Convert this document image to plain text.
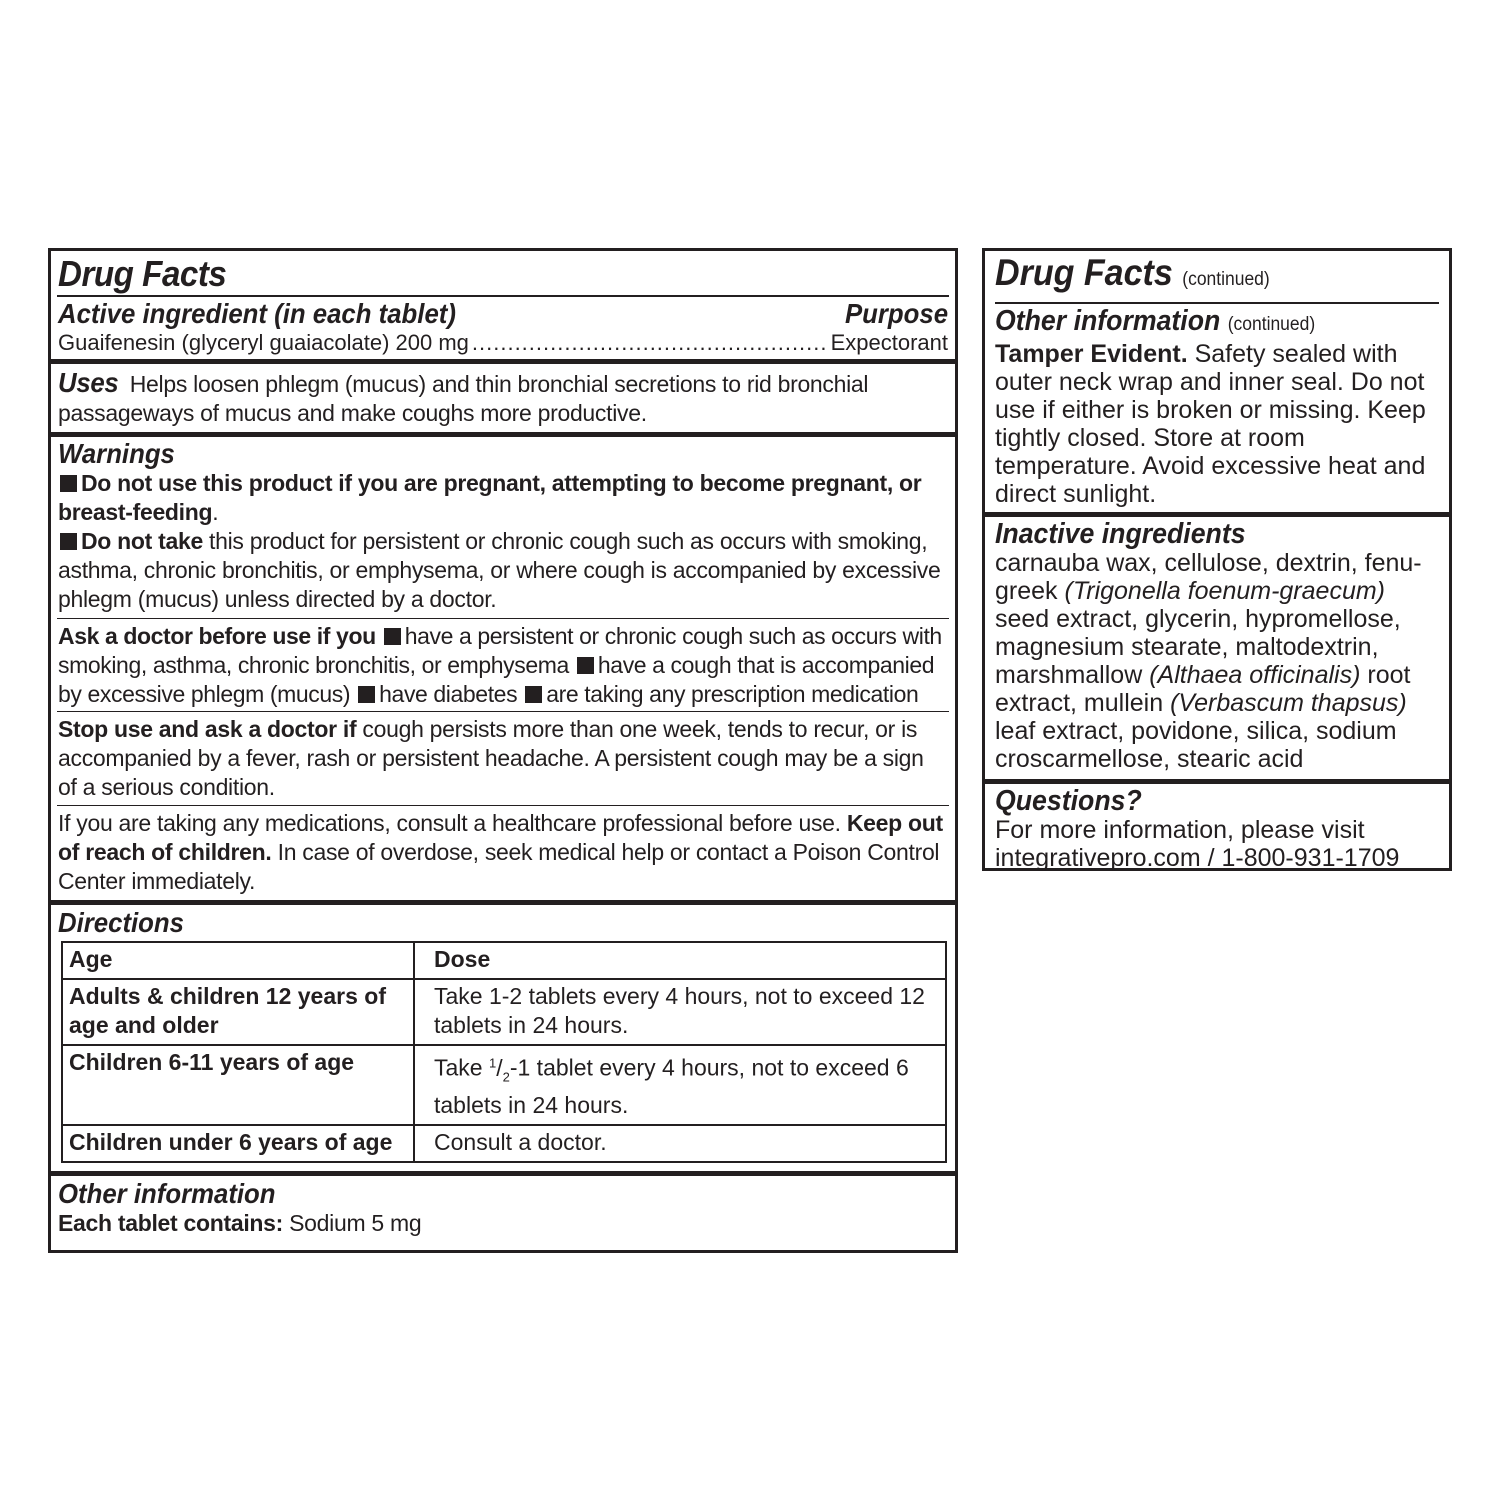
Drug Facts
Active ingredient (in each tablet)	Purpose
Guaifenesin (glyceryl guaiacolate) 200 mg .....	Expectorant
Uses Helps loosen phlegm (mucus) and thin bronchial secretions to rid bronchial passageways of mucus and make coughs more productive.
Warnings
Do not use this product if you are pregnant, attempting to become pregnant, or breast-feeding.
Do not take this product for persistent or chronic cough such as occurs with smoking, asthma, chronic bronchitis, or emphysema, or where cough is accompanied by excessive phlegm (mucus) unless directed by a doctor.
Ask a doctor before use if you have a persistent or chronic cough such as occurs with smoking, asthma, chronic bronchitis, or emphysema have a cough that is accompanied by excessive phlegm (mucus) have diabetes are taking any prescription medication
Stop use and ask a doctor if cough persists more than one week, tends to recur, or is accompanied by a fever, rash or persistent headache. A persistent cough may be a sign of a serious condition.
If you are taking any medications, consult a healthcare professional before use. Keep out of reach of children. In case of overdose, seek medical help or contact a Poison Control Center immediately.
Directions
Age	Dose
Adults & children 12 years of age and older	Take 1-2 tablets every 4 hours, not to exceed 12 tablets in 24 hours.
Children 6-11 years of age	Take $^1/_2-1$ tablet every 4 hours, not to exceed 6 tablets in 24 hours.
Children under 6 years of age	Consult a doctor.
Other information
Each tablet contains: Sodium 5 mg
Drug Facts (continued)
Other information (continued)
Tamper Evident. Safety sealed with outer neck wrap and inner seal. Do not use if either is broken or missing. Keep tightly closed. Store at room temperature. Avoid excessive heat and direct sunlight.
Inactive ingredients
carnauba wax, cellulose, dextrin, fenu-greek (Trigonella foenum-graecum) seed extract, glycerin, hypromellose, magnesium stearate, maltodextrin, marshmallow (Althaea officinalis) root extract, mullein (Verbascum thapsus) leaf extract, povidone, silica, sodium croscarmellose, stearic acid
Questions?
For more information, please visit
integrativepro.com / 1-800-931-1709
